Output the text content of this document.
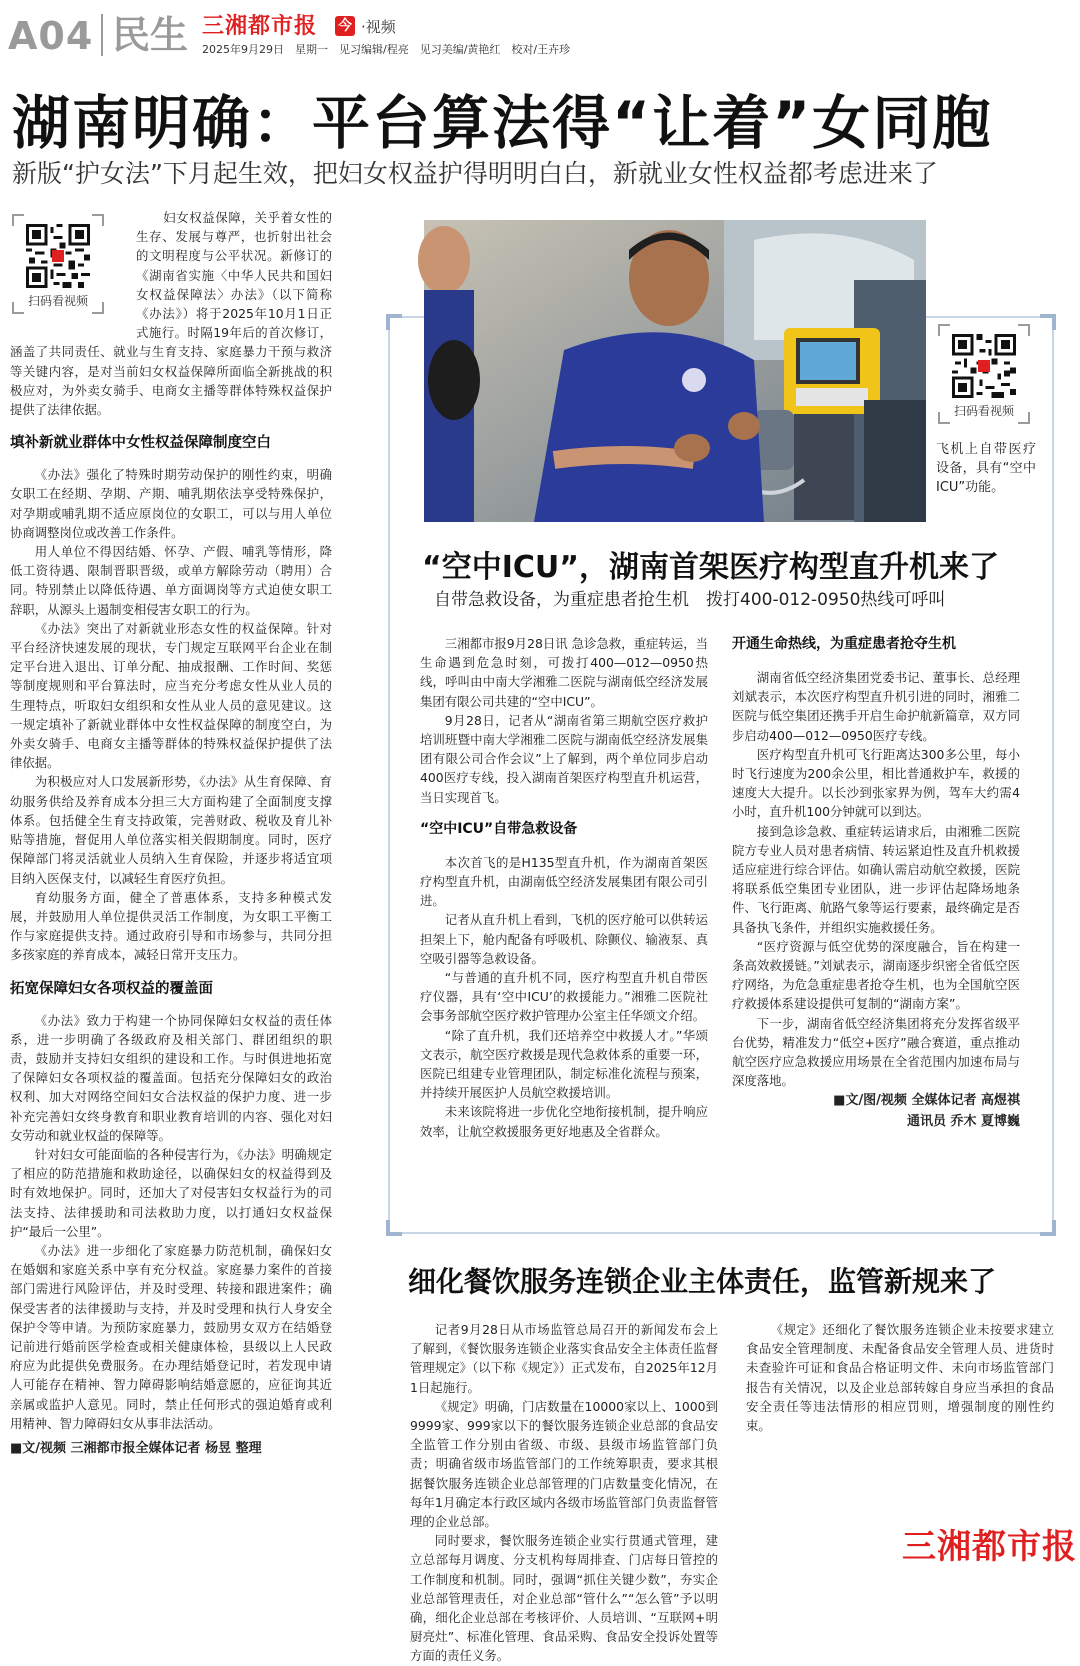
A04 民生 三湘都市报 今 ·视频
2025年9月29日　星期一　见习编辑/程亮　见习美编/黄艳红　校对/王卉珍
湖南明确：平台算法得“让着”女同胞
新版“护女法”下月起生效，把妇女权益护得明明白白，新就业女性权益都考虑进来了
扫码看视频

妇女权益保障，关乎着女性的生存、发展与尊严，也折射出社会的文明程度与公平状况。新修订的《湖南省实施〈中华人民共和国妇女权益保障法〉办法》（以下简称《办法》）将于2025年10月1日正式施行。时隔19年后的首次修订，涵盖了共同责任、就业与生育支持、家庭暴力干预与救济等关键内容，是对当前妇女权益保障所面临全新挑战的积极应对，为外卖女骑手、电商女主播等群体特殊权益保护提供了法律依据。

填补新就业群体中女性权益保障制度空白

《办法》强化了特殊时期劳动保护的刚性约束，明确女职工在经期、孕期、产期、哺乳期依法享受特殊保护，对孕期或哺乳期不适应原岗位的女职工，可以与用人单位协商调整岗位或改善工作条件。

用人单位不得因结婚、怀孕、产假、哺乳等情形，降低工资待遇、限制晋职晋级，或单方解除劳动（聘用）合同。特别禁止以降低待遇、单方面调岗等方式迫使女职工辞职，从源头上遏制变相侵害女职工的行为。

《办法》突出了对新就业形态女性的权益保障。针对平台经济快速发展的现状，专门规定互联网平台企业在制定平台进入退出、订单分配、抽成报酬、工作时间、奖惩等制度规则和平台算法时，应当充分考虑女性从业人员的生理特点，听取妇女组织和女性从业人员的意见建议。这一规定填补了新就业群体中女性权益保障的制度空白，为外卖女骑手、电商女主播等群体的特殊权益保护提供了法律依据。

为积极应对人口发展新形势，《办法》从生育保障、育幼服务供给及养育成本分担三大方面构建了全面制度支撑体系。包括健全生育支持政策，完善财政、税收及育儿补贴等措施，督促用人单位落实相关假期制度。同时，医疗保障部门将灵活就业人员纳入生育保险，并逐步将适宜项目纳入医保支付，以减轻生育医疗负担。

育幼服务方面，健全了普惠体系，支持多种模式发展，并鼓励用人单位提供灵活工作制度，为女职工平衡工作与家庭提供支持。通过政府引导和市场参与，共同分担多孩家庭的养育成本，减轻日常开支压力。

拓宽保障妇女各项权益的覆盖面

《办法》致力于构建一个协同保障妇女权益的责任体系，进一步明确了各级政府及相关部门、群团组织的职责，鼓励并支持妇女组织的建设和工作。与时俱进地拓宽了保障妇女各项权益的覆盖面。包括充分保障妇女的政治权利、加大对网络空间妇女合法权益的保护力度、进一步补充完善妇女终身教育和职业教育培训的内容、强化对妇女劳动和就业权益的保障等。

针对妇女可能面临的各种侵害行为，《办法》明确规定了相应的防范措施和救助途径，以确保妇女的权益得到及时有效地保护。同时，还加大了对侵害妇女权益行为的司法支持、法律援助和司法救助力度，以打通妇女权益保护“最后一公里”。

《办法》进一步细化了家庭暴力防范机制，确保妇女在婚姻和家庭关系中享有充分权益。家庭暴力案件的首接部门需进行风险评估，并及时受理、转接和跟进案件；确保受害者的法律援助与支持，并及时受理和执行人身安全保护令等申请。为预防家庭暴力，鼓励男女双方在结婚登记前进行婚前医学检查或相关健康体检，县级以上人民政府应为此提供免费服务。在办理结婚登记时，若发现申请人可能存在精神、智力障碍影响结婚意愿的，应征询其近亲属或监护人意见。同时，禁止任何形式的强迫婚育或利用精神、智力障碍妇女从事非法活动。

■文/视频 三湘都市报全媒体记者 杨昱 整理

扫码看视频
飞机上自带医疗设备，具有“空中ICU”功能。
“空中ICU”，湖南首架医疗构型直升机来了
自带急救设备，为重症患者抢生机　拨打400-012-0950热线可呼叫

三湘都市报9月28日讯 急诊急救，重症转运，当生命遇到危急时刻，可拨打400—012—0950热线，呼叫由中南大学湘雅二医院与湖南低空经济发展集团有限公司共建的“空中ICU”。

9月28日，记者从“湖南省第三期航空医疗救护培训班暨中南大学湘雅二医院与湖南低空经济发展集团有限公司合作会议”上了解到，两个单位同步启动400医疗专线，投入湖南首架医疗构型直升机运营，当日实现首飞。

“空中ICU”自带急救设备

本次首飞的是H135型直升机，作为湖南首架医疗构型直升机，由湖南低空经济发展集团有限公司引进。

记者从直升机上看到，飞机的医疗舱可以供转运担架上下，舱内配备有呼吸机、除颤仪、输液泵、真空吸引器等急救设备。

“与普通的直升机不同，医疗构型直升机自带医疗仪器，具有‘空中ICU’的救援能力。”湘雅二医院社会事务部航空医疗救护管理办公室主任华颂文介绍。

“除了直升机，我们还培养空中救援人才。”华颂文表示，航空医疗救援是现代急救体系的重要一环，医院已组建专业管理团队，制定标准化流程与预案，并持续开展医护人员航空救援培训。

未来该院将进一步优化空地衔接机制，提升响应效率，让航空救援服务更好地惠及全省群众。

开通生命热线，为重症患者抢夺生机

湖南省低空经济集团党委书记、董事长、总经理刘斌表示，本次医疗构型直升机引进的同时，湘雅二医院与低空集团还携手开启生命护航新篇章，双方同步启动400—012—0950医疗专线。

医疗构型直升机可飞行距离达300多公里，每小时飞行速度为200余公里，相比普通救护车，救援的速度大大提升。以长沙到张家界为例，驾车大约需4小时，直升机100分钟就可以到达。

接到急诊急救、重症转运请求后，由湘雅二医院院方专业人员对患者病情、转运紧迫性及直升机救援适应症进行综合评估。如确认需启动航空救援，医院将联系低空集团专业团队，进一步评估起降场地条件、飞行距离、航路气象等运行要素，最终确定是否具备执飞条件，并组织实施救援任务。

“医疗资源与低空优势的深度融合，旨在构建一条高效救援链。”刘斌表示，湖南逐步织密全省低空医疗网络，为危急重症患者抢夺生机，也为全国航空医疗救援体系建设提供可复制的“湖南方案”。

下一步，湖南省低空经济集团将充分发挥省级平台优势，精准发力“低空+医疗”融合赛道，重点推动航空医疗应急救援应用场景在全省范围内加速布局与深度落地。

■文/图/视频 全媒体记者 高煜祺

通讯员 乔木 夏博巍

细化餐饮服务连锁企业主体责任，监管新规来了

记者9月28日从市场监管总局召开的新闻发布会上了解到，《餐饮服务连锁企业落实食品安全主体责任监督管理规定》（以下称《规定》）正式发布，自2025年12月1日起施行。

《规定》明确，门店数量在10000家以上、1000到9999家、999家以下的餐饮服务连锁企业总部的食品安全监管工作分别由省级、市级、县级市场监管部门负责；明确省级市场监管部门的工作统筹职责，要求其根据餐饮服务连锁企业总部管理的门店数量变化情况，在每年1月确定本行政区域内各级市场监管部门负责监督管理的企业总部。

同时要求，餐饮服务连锁企业实行贯通式管理，建立总部每月调度、分支机构每周排查、门店每日管控的工作制度和机制。同时，强调“抓住关键少数”，夯实企业总部管理责任，对企业总部“管什么”“怎么管”予以明确，细化企业总部在考核评价、人员培训、“互联网+明厨亮灶”、标准化管理、食品采购、食品安全投诉处置等方面的责任义务。

《规定》还细化了餐饮服务连锁企业未按要求建立食品安全管理制度、未配备食品安全管理人员、进货时未查验许可证和食品合格证明文件、未向市场监管部门报告有关情况，以及企业总部转嫁自身应当承担的食品安全责任等违法情形的相应罚则，增强制度的刚性约束。

三湘都市报
